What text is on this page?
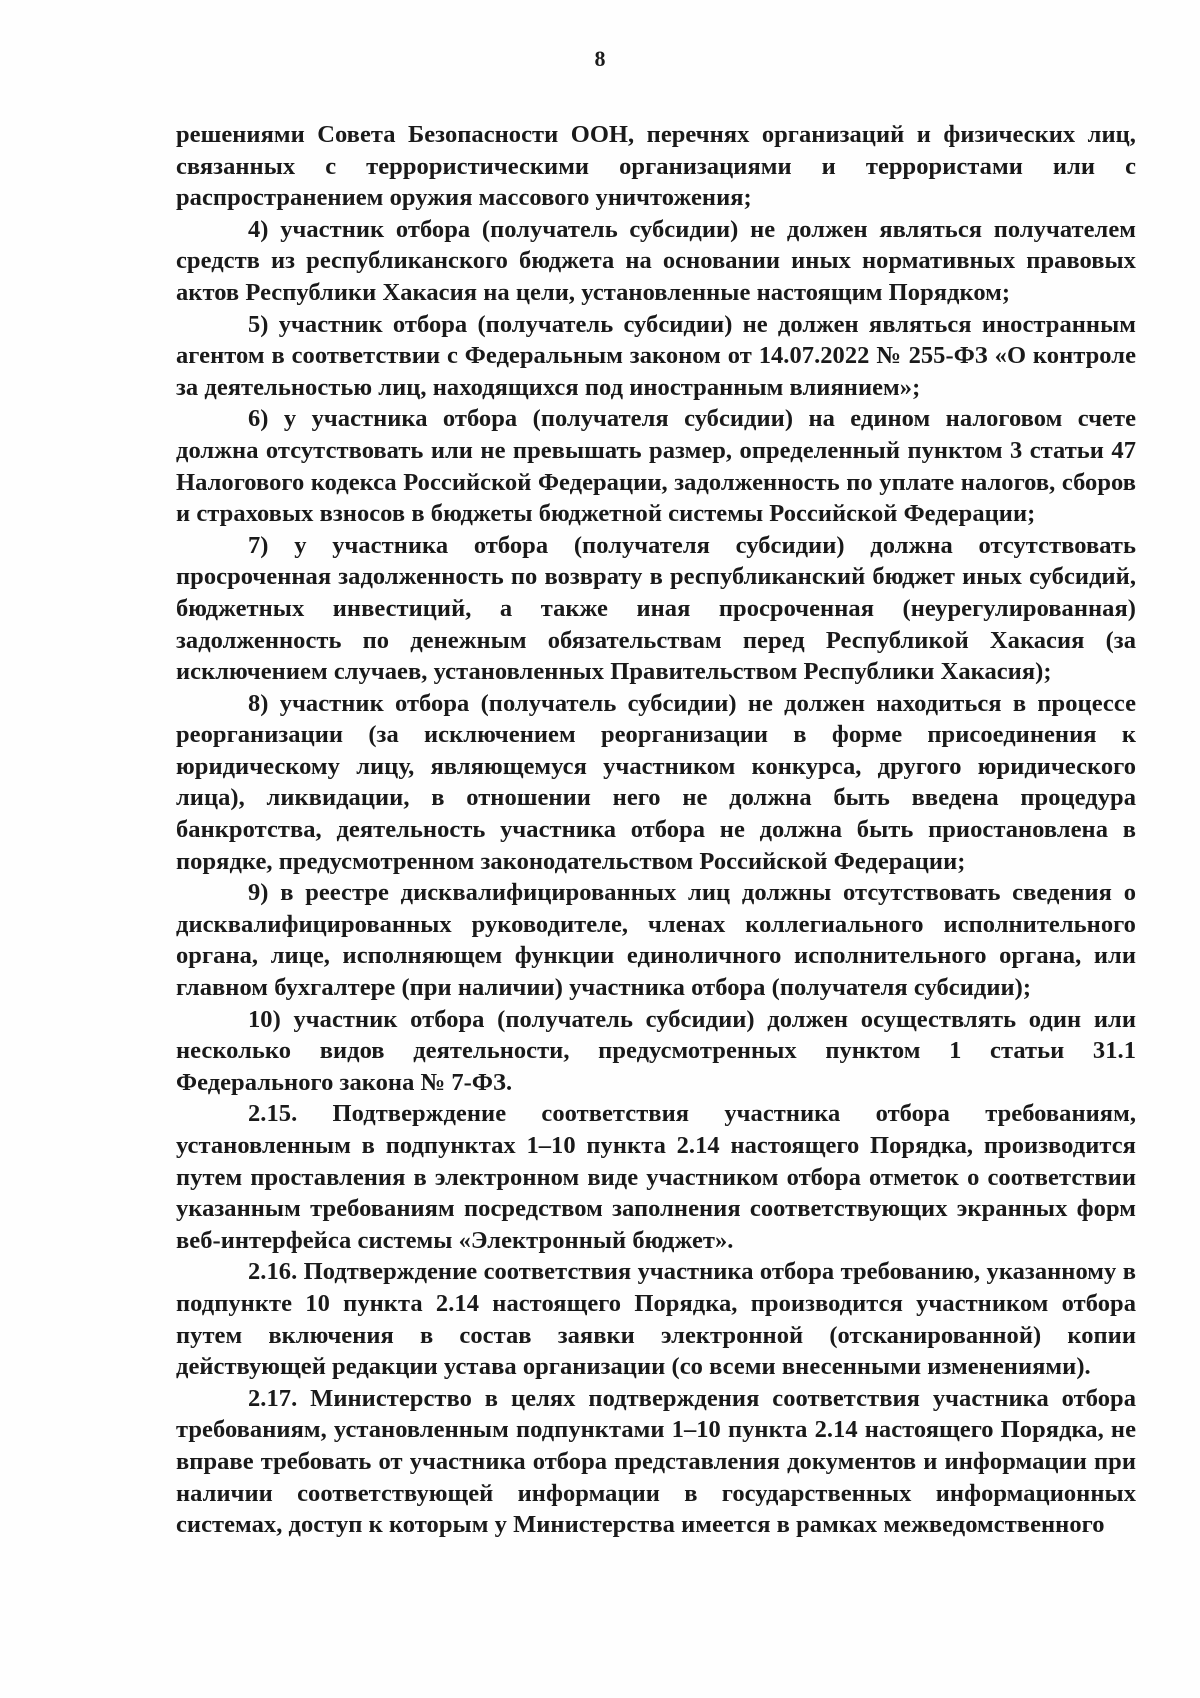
8

решениями Совета Безопасности ООН, перечнях организаций и физических лиц, связанных с террористическими организациями и террористами или с распространением оружия массового уничтожения;

4) участник отбора (получатель субсидии) не должен являться получателем средств из республиканского бюджета на основании иных нормативных правовых актов Республики Хакасия на цели, установленные настоящим Порядком;

5) участник отбора (получатель субсидии) не должен являться иностранным агентом в соответствии с Федеральным законом от 14.07.2022 № 255-ФЗ «О контроле за деятельностью лиц, находящихся под иностранным влиянием»;

6) у участника отбора (получателя субсидии) на едином налоговом счете должна отсутствовать или не превышать размер, определенный пунктом 3 статьи 47 Налогового кодекса Российской Федерации, задолженность по уплате налогов, сборов и страховых взносов в бюджеты бюджетной системы Российской Федерации;

7) у участника отбора (получателя субсидии) должна отсутствовать просроченная задолженность по возврату в республиканский бюджет иных субсидий, бюджетных инвестиций, а также иная просроченная (неурегулированная) задолженность по денежным обязательствам перед Республикой Хакасия (за исключением случаев, установленных Правительством Республики Хакасия);

8) участник отбора (получатель субсидии) не должен находиться в процессе реорганизации (за исключением реорганизации в форме присоединения к юридическому лицу, являющемуся участником конкурса, другого юридического лица), ликвидации, в отношении него не должна быть введена процедура банкротства, деятельность участника отбора не должна быть приостановлена в порядке, предусмотренном законодательством Российской Федерации;

9) в реестре дисквалифицированных лиц должны отсутствовать сведения о дисквалифицированных руководителе, членах коллегиального исполнительного органа, лице, исполняющем функции единоличного исполнительного органа, или главном бухгалтере (при наличии) участника отбора (получателя субсидии);

10) участник отбора (получатель субсидии) должен осуществлять один или несколько видов деятельности, предусмотренных пунктом 1 статьи 31.1 Федерального закона № 7-ФЗ.

2.15. Подтверждение соответствия участника отбора требованиям, установленным в подпунктах 1–10 пункта 2.14 настоящего Порядка, производится путем проставления в электронном виде участником отбора отметок о соответствии указанным требованиям посредством заполнения соответствующих экранных форм веб-интерфейса системы «Электронный бюджет».

2.16. Подтверждение соответствия участника отбора требованию, указанному в подпункте 10 пункта 2.14 настоящего Порядка, производится участником отбора путем включения в состав заявки электронной (отсканированной) копии действующей редакции устава организации (со всеми внесенными изменениями).

2.17. Министерство в целях подтверждения соответствия участника отбора требованиям, установленным подпунктами 1–10 пункта 2.14 настоящего Порядка, не вправе требовать от участника отбора представления документов и информации при наличии соответствующей информации в государственных информационных системах, доступ к которым у Министерства имеется в рамках межведомственного
